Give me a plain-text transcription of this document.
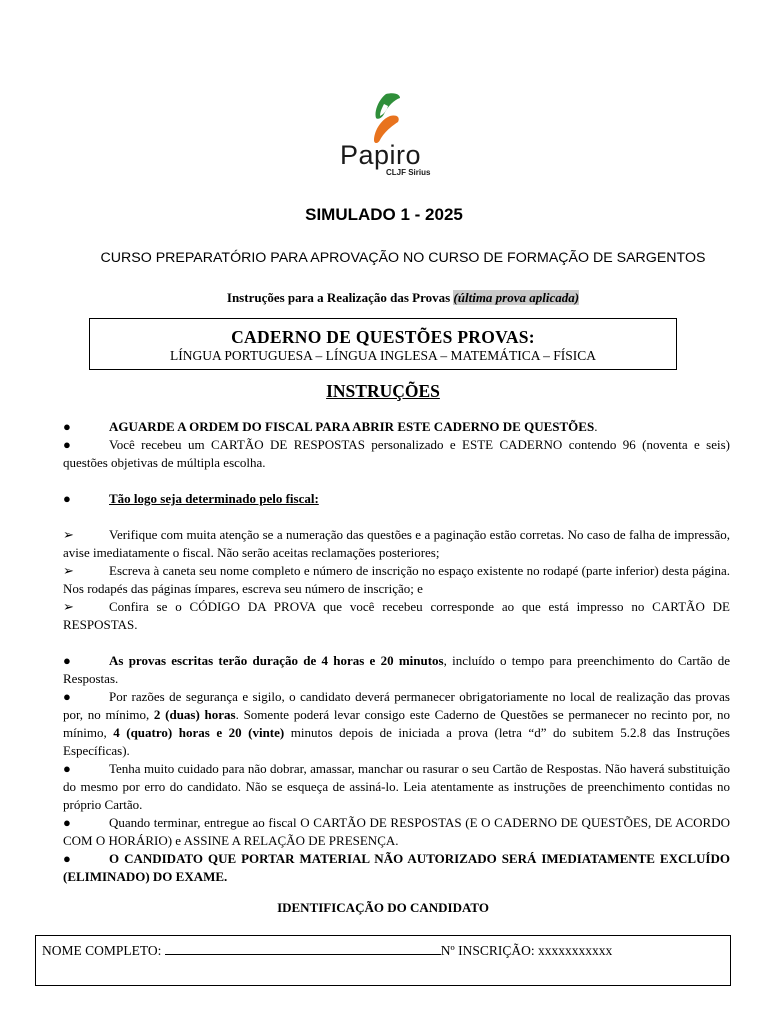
Papiro
CLJF Sirius
SIMULADO 1 - 2025
CURSO PREPARATÓRIO PARA APROVAÇÃO NO CURSO DE FORMAÇÃO DE SARGENTOS
Instruções para a Realização das Provas (última prova aplicada)
CADERNO DE QUESTÕES PROVAS:
LÍNGUA PORTUGUESA – LÍNGUA INGLESA – MATEMÁTICA – FÍSICA
INSTRUÇÕES
●	AGUARDE A ORDEM DO FISCAL PARA ABRIR ESTE CADERNO DE QUESTÕES.
●	Você recebeu um CARTÃO DE RESPOSTAS personalizado e ESTE CADERNO contendo 96 (noventa e seis) questões objetivas de múltipla escolha.
●	Tão logo seja determinado pelo fiscal:
➢	Verifique com muita atenção se a numeração das questões e a paginação estão corretas. No caso de falha de impressão, avise imediatamente o fiscal. Não serão aceitas reclamações posteriores;
➢	Escreva à caneta seu nome completo e número de inscrição no espaço existente no rodapé (parte inferior) desta página. Nos rodapés das páginas ímpares, escreva seu número de inscrição; e
➢	Confira se o CÓDIGO DA PROVA que você recebeu corresponde ao que está impresso no CARTÃO DE RESPOSTAS.
●	As provas escritas terão duração de 4 horas e 20 minutos, incluído o tempo para preenchimento do Cartão de Respostas.
●	Por razões de segurança e sigilo, o candidato deverá permanecer obrigatoriamente no local de realização das provas por, no mínimo, 2 (duas) horas. Somente poderá levar consigo este Caderno de Questões se permanecer no recinto por, no mínimo, 4 (quatro) horas e 20 (vinte) minutos depois de iniciada a prova (letra “d” do subitem 5.2.8 das Instruções Específicas).
●	Tenha muito cuidado para não dobrar, amassar, manchar ou rasurar o seu Cartão de Respostas. Não haverá substituição do mesmo por erro do candidato. Não se esqueça de assiná-lo. Leia atentamente as instruções de preenchimento contidas no próprio Cartão.
●	Quando terminar, entregue ao fiscal O CARTÃO DE RESPOSTAS (E O CADERNO DE QUESTÕES, DE ACORDO COM O HORÁRIO) e ASSINE A RELAÇÃO DE PRESENÇA.
●	O CANDIDATO QUE PORTAR MATERIAL NÃO AUTORIZADO SERÁ IMEDIATAMENTE EXCLUÍDO (ELIMINADO) DO EXAME.
IDENTIFICAÇÃO DO CANDIDATO
NOME COMPLETO:	Nº INSCRIÇÃO: xxxxxxxxxxx
